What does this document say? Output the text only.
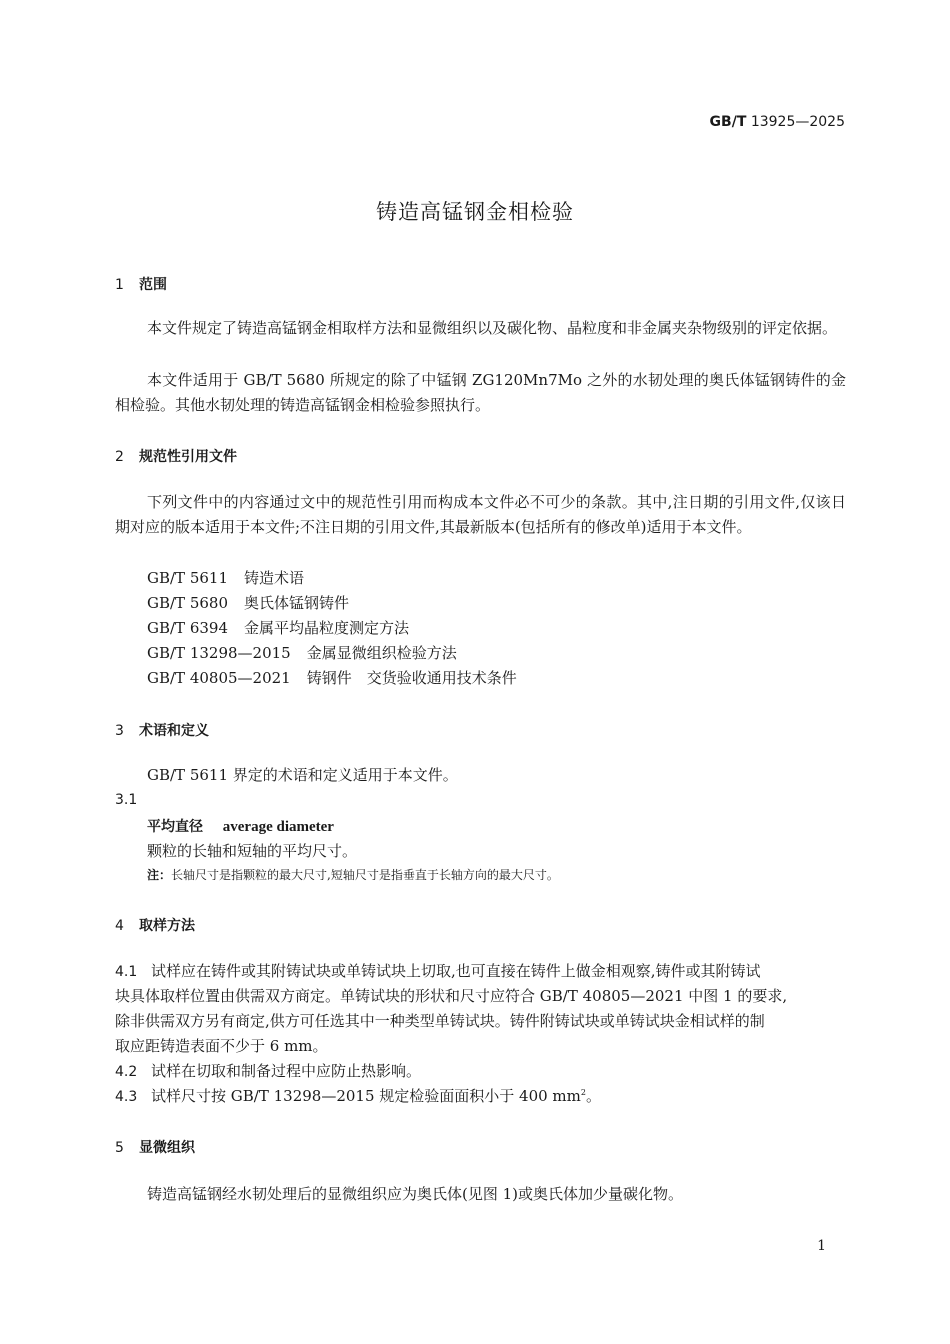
GB/T 13925—2025
铸造高锰钢金相检验
1 范围
本文件规定了铸造高锰钢金相取样方法和显微组织以及碳化物、晶粒度和非金属夹杂物级别的评定依据。
本文件适用于 GB/T 5680 所规定的除了中锰钢 ZG120Mn7Mo 之外的水韧处理的奥氏体锰钢铸件的金相检验。其他水韧处理的铸造高锰钢金相检验参照执行。
2 规范性引用文件
下列文件中的内容通过文中的规范性引用而构成本文件必不可少的条款。其中,注日期的引用文件,仅该日期对应的版本适用于本文件;不注日期的引用文件,其最新版本(包括所有的修改单)适用于本文件。
GB/T 5611 铸造术语
GB/T 5680 奥氏体锰钢铸件
GB/T 6394 金属平均晶粒度测定方法
GB/T 13298—2015 金属显微组织检验方法
GB/T 40805—2021 铸钢件　交货验收通用技术条件
3 术语和定义
GB/T 5611 界定的术语和定义适用于本文件。
3.1
平均直径 average diameter
颗粒的长轴和短轴的平均尺寸。
注：长轴尺寸是指颗粒的最大尺寸,短轴尺寸是指垂直于长轴方向的最大尺寸。
4 取样方法
4.1 试样应在铸件或其附铸试块或单铸试块上切取,也可直接在铸件上做金相观察,铸件或其附铸试
块具体取样位置由供需双方商定。单铸试块的形状和尺寸应符合 GB/T 40805—2021 中图 1 的要求,
除非供需双方另有商定,供方可任选其中一种类型单铸试块。铸件附铸试块或单铸试块金相试样的制
取应距铸造表面不少于 6 mm。
4.2 试样在切取和制备过程中应防止热影响。
4.3 试样尺寸按 GB/T 13298—2015 规定检验面面积小于 400 $mm^2$。
5 显微组织
铸造高锰钢经水韧处理后的显微组织应为奥氏体(见图 1)或奥氏体加少量碳化物。
1
